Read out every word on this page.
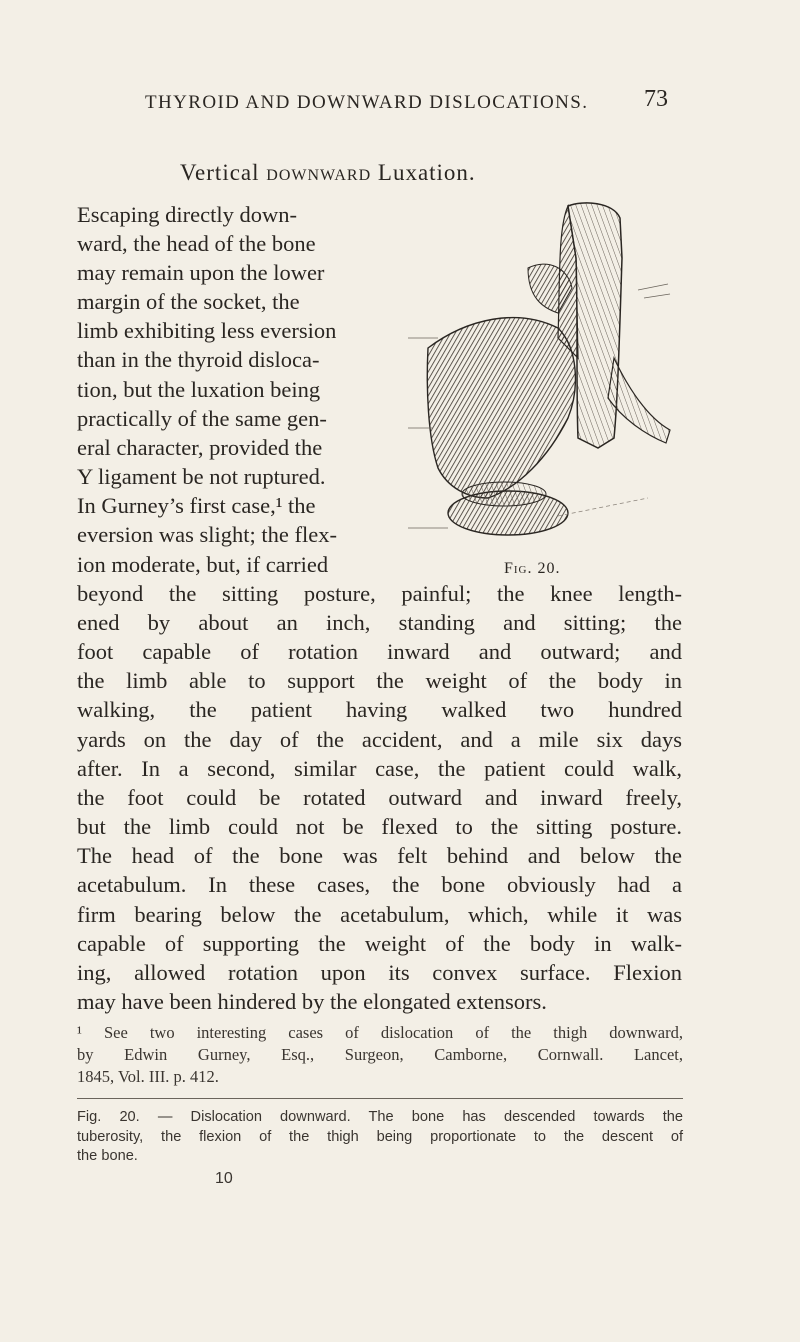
THYROID AND DOWNWARD DISLOCATIONS.	73
Vertical downward Luxation.
Fig. 20.
Escaping directly down-
ward, the head of the bone
may remain upon the lower
margin of the socket, the
limb exhibiting less eversion
than in the thyroid disloca-
tion, but the luxation being
practically of the same gen-
eral character, provided the
Y ligament be not ruptured.
In Gurney’s first case,¹ the
eversion was slight; the flex-
ion moderate, but, if carried
beyond the sitting posture, painful; the knee length-
ened by about an inch, standing and sitting; the
foot capable of rotation inward and outward; and
the limb able to support the weight of the body in
walking, the patient having walked two hundred
yards on the day of the accident, and a mile six days
after. In a second, similar case, the patient could walk,
the foot could be rotated outward and inward freely,
but the limb could not be flexed to the sitting posture.
The head of the bone was felt behind and below the
acetabulum. In these cases, the bone obviously had a
firm bearing below the acetabulum, which, while it was
capable of supporting the weight of the body in walk-
ing, allowed rotation upon its convex surface. Flexion
may have been hindered by the elongated extensors.
¹ See two interesting cases of dislocation of the thigh downward,
by Edwin Gurney, Esq., Surgeon, Camborne, Cornwall. Lancet,
1845, Vol. III. p. 412.
Fig. 20. — Dislocation downward. The bone has descended towards the
tuberosity, the flexion of the thigh being proportionate to the descent of
the bone.
10
